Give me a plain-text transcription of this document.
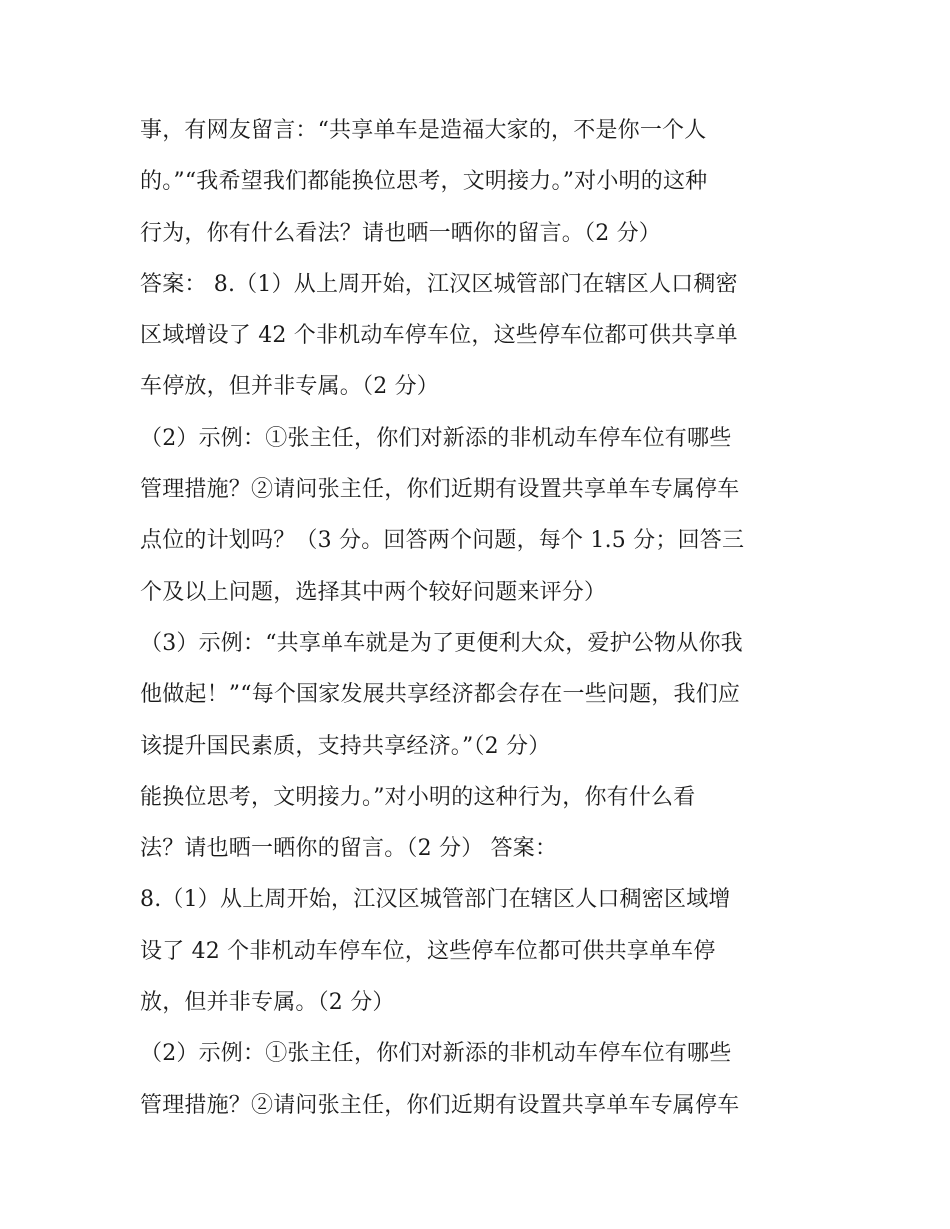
事，有网友留言：“共享单车是造福大家的，不是你一个人
的。”“我希望我们都能换位思考，文明接力。”对小明的这种
行为，你有什么看法？请也晒一晒你的留言。（2 分）
答案： 8.（1）从上周开始，江汉区城管部门在辖区人口稠密
区域增设了 42 个非机动车停车位，这些停车位都可供共享单
车停放，但并非专属。（2 分）
（2）示例：①张主任，你们对新添的非机动车停车位有哪些
管理措施？②请问张主任，你们近期有设置共享单车专属停车
点位的计划吗？（3 分。回答两个问题，每个 1.5 分；回答三
个及以上问题，选择其中两个较好问题来评分）
（3）示例：“共享单车就是为了更便利大众，爱护公物从你我
他做起！”“每个国家发展共享经济都会存在一些问题，我们应
该提升国民素质，支持共享经济。”（2 分）
能换位思考，文明接力。”对小明的这种行为，你有什么看
法？请也晒一晒你的留言。（2 分） 答案：
8.（1）从上周开始，江汉区城管部门在辖区人口稠密区域增
设了 42 个非机动车停车位，这些停车位都可供共享单车停
放，但并非专属。（2 分）
（2）示例：①张主任，你们对新添的非机动车停车位有哪些
管理措施？②请问张主任，你们近期有设置共享单车专属停车
